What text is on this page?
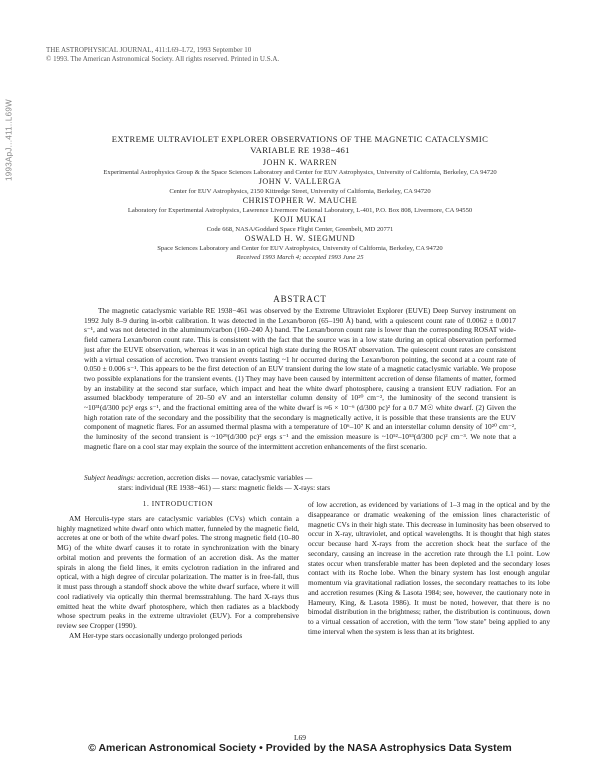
1993ApJ...411..L69W
THE ASTROPHYSICAL JOURNAL, 411:L69–L72, 1993 September 10
© 1993. The American Astronomical Society. All rights reserved. Printed in U.S.A.
EXTREME ULTRAVIOLET EXPLORER OBSERVATIONS OF THE MAGNETIC CATACLYSMIC
VARIABLE RE 1938−461
JOHN K. WARREN
Experimental Astrophysics Group & the Space Sciences Laboratory and Center for EUV Astrophysics, University of California, Berkeley, CA 94720
JOHN V. VALLERGA
Center for EUV Astrophysics, 2150 Kittredge Street, University of California, Berkeley, CA 94720
CHRISTOPHER W. MAUCHE
Laboratory for Experimental Astrophysics, Lawrence Livermore National Laboratory, L-401, P.O. Box 808, Livermore, CA 94550
KOJI MUKAI
Code 668, NASA/Goddard Space Flight Center, Greenbelt, MD 20771
OSWALD H. W. SIEGMUND
Space Sciences Laboratory and Center for EUV Astrophysics, University of California, Berkeley, CA 94720
Received 1993 March 4; accepted 1993 June 25
ABSTRACT

The magnetic cataclysmic variable RE 1938−461 was observed by the Extreme Ultraviolet Explorer (EUVE) Deep Survey instrument on 1992 July 8–9 during in-orbit calibration. It was detected in the Lexan/boron (65–190 Å) band, with a quiescent count rate of 0.0062 ± 0.0017 s⁻¹, and was not detected in the aluminum/carbon (160–240 Å) band. The Lexan/boron count rate is lower than the corresponding ROSAT wide-field camera Lexan/boron count rate. This is consistent with the fact that the source was in a low state during an optical observation performed just after the EUVE observation, whereas it was in an optical high state during the ROSAT observation. The quiescent count rates are consistent with a virtual cessation of accretion. Two transient events lasting ~1 hr occurred during the Lexan/boron pointing, the second at a count rate of 0.050 ± 0.006 s⁻¹. This appears to be the first detection of an EUV transient during the low state of a magnetic cataclysmic variable. We propose two possible explanations for the transient events. (1) They may have been caused by intermittent accretion of dense filaments of matter, formed by an instability at the second star surface, which impact and heat the white dwarf photosphere, causing a transient EUV radiation. For an assumed blackbody temperature of 20–50 eV and an interstellar column density of 10²⁰ cm⁻², the luminosity of the second transient is ~10³¹(d/300 pc)² ergs s⁻¹, and the fractional emitting area of the white dwarf is ≈6 × 10⁻⁶ (d/300 pc)² for a 0.7 M☉ white dwarf. (2) Given the high rotation rate of the secondary and the possibility that the secondary is magnetically active, it is possible that these transients are the EUV component of magnetic flares. For an assumed thermal plasma with a temperature of 10⁶–10⁷ K and an interstellar column density of 10²⁰ cm⁻², the luminosity of the second transient is ~10²⁹(d/300 pc)² ergs s⁻¹ and the emission measure is ~10⁵²–10⁵³(d/300 pc)² cm⁻³. We note that a magnetic flare on a cool star may explain the source of the intermittent accretion enhancements of the first scenario.

Subject headings: accretion, accretion disks — novae, cataclysmic variables —
stars: individual (RE 1938−461) — stars: magnetic fields — X-rays: stars
1. INTRODUCTION

AM Herculis-type stars are cataclysmic variables (CVs) which contain a highly magnetized white dwarf onto which matter, funneled by the magnetic field, accretes at one or both of the white dwarf poles. The strong magnetic field (10–80 MG) of the white dwarf causes it to rotate in synchronization with the binary orbital motion and prevents the formation of an accretion disk. As the matter spirals in along the field lines, it emits cyclotron radiation in the infrared and optical, with a high degree of circular polarization. The matter is in free-fall, thus it must pass through a standoff shock above the white dwarf surface, where it will cool radiatively via optically thin thermal bremsstrahlung. The hard X-rays thus emitted heat the white dwarf photosphere, which then radiates as a blackbody whose spectrum peaks in the extreme ultraviolet (EUV). For a comprehensive review see Cropper (1990).

AM Her-type stars occasionally undergo prolonged periods

of low accretion, as evidenced by variations of 1–3 mag in the optical and by the disappearance or dramatic weakening of the emission lines characteristic of magnetic CVs in their high state. This decrease in luminosity has been observed to occur in X-ray, ultraviolet, and optical wavelengths. It is thought that high states occur because hard X-rays from the accretion shock heat the surface of the secondary, causing an increase in the accretion rate through the L1 point. Low states occur when transferable matter has been depleted and the secondary loses contact with its Roche lobe. When the binary system has lost enough angular momentum via gravitational radiation losses, the secondary reattaches to its lobe and accretion resumes (King & Lasota 1984; see, however, the cautionary note in Hameury, King, & Lasota 1986). It must be noted, however, that there is no bimodal distribution in the brightness; rather, the distribution is continuous, down to a virtual cessation of accretion, with the term "low state" being applied to any time interval when the system is less than at its brightest.

L69
© American Astronomical Society • Provided by the NASA Astrophysics Data System
